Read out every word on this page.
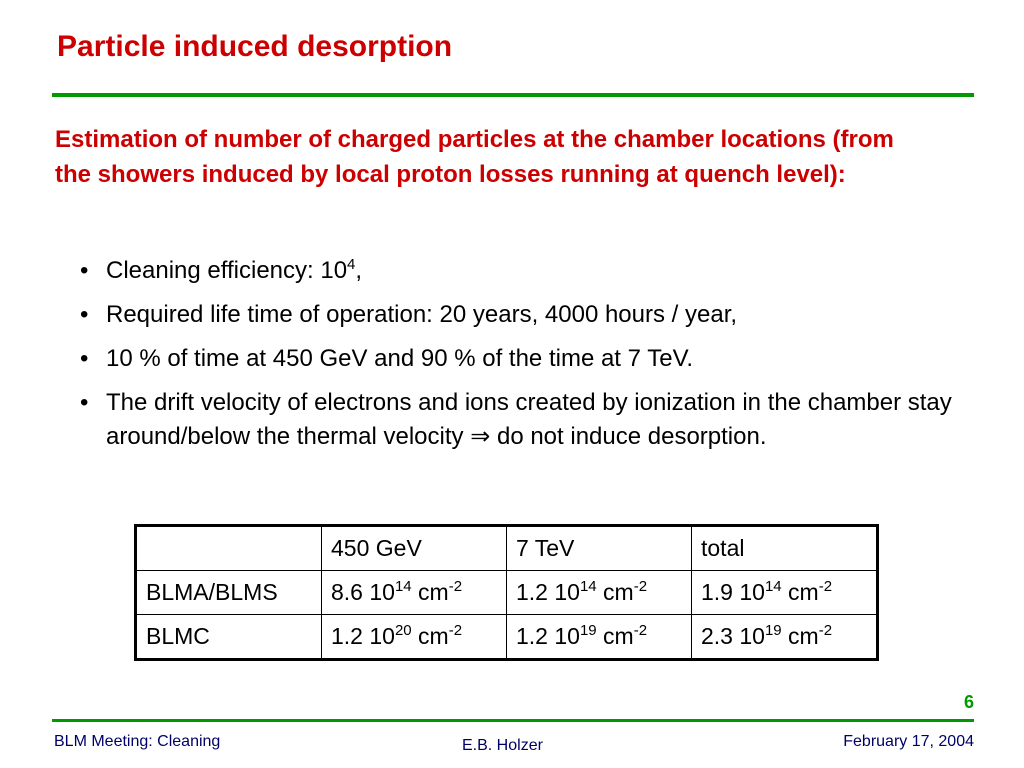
Particle induced desorption
Estimation of number of charged particles at the chamber locations (from the showers induced by local proton losses running at quench level):
• Cleaning efficiency: $10^4$,
• Required life time of operation: 20 years, 4000 hours / year,
• 10 % of time at 450 GeV and 90 % of the time at 7 TeV.
• The drift velocity of electrons and ions created by ionization in the chamber stay around/below the thermal velocity ⇒ do not induce desorption.
	450 GeV	7 TeV	total
BLMA/BLMS	8.6 $10^{14}$ $cm^{-2}$	1.2 $10^{14}$ $cm^{-2}$	1.9 $10^{14}$ $cm^{-2}$
BLMC	1.2 $10^{20}$ $cm^{-2}$	1.2 $10^{19}$ $cm^{-2}$	2.3 $10^{19}$ $cm^{-2}$
6
BLM Meeting: Cleaning	E.B. Holzer	February 17, 2004
